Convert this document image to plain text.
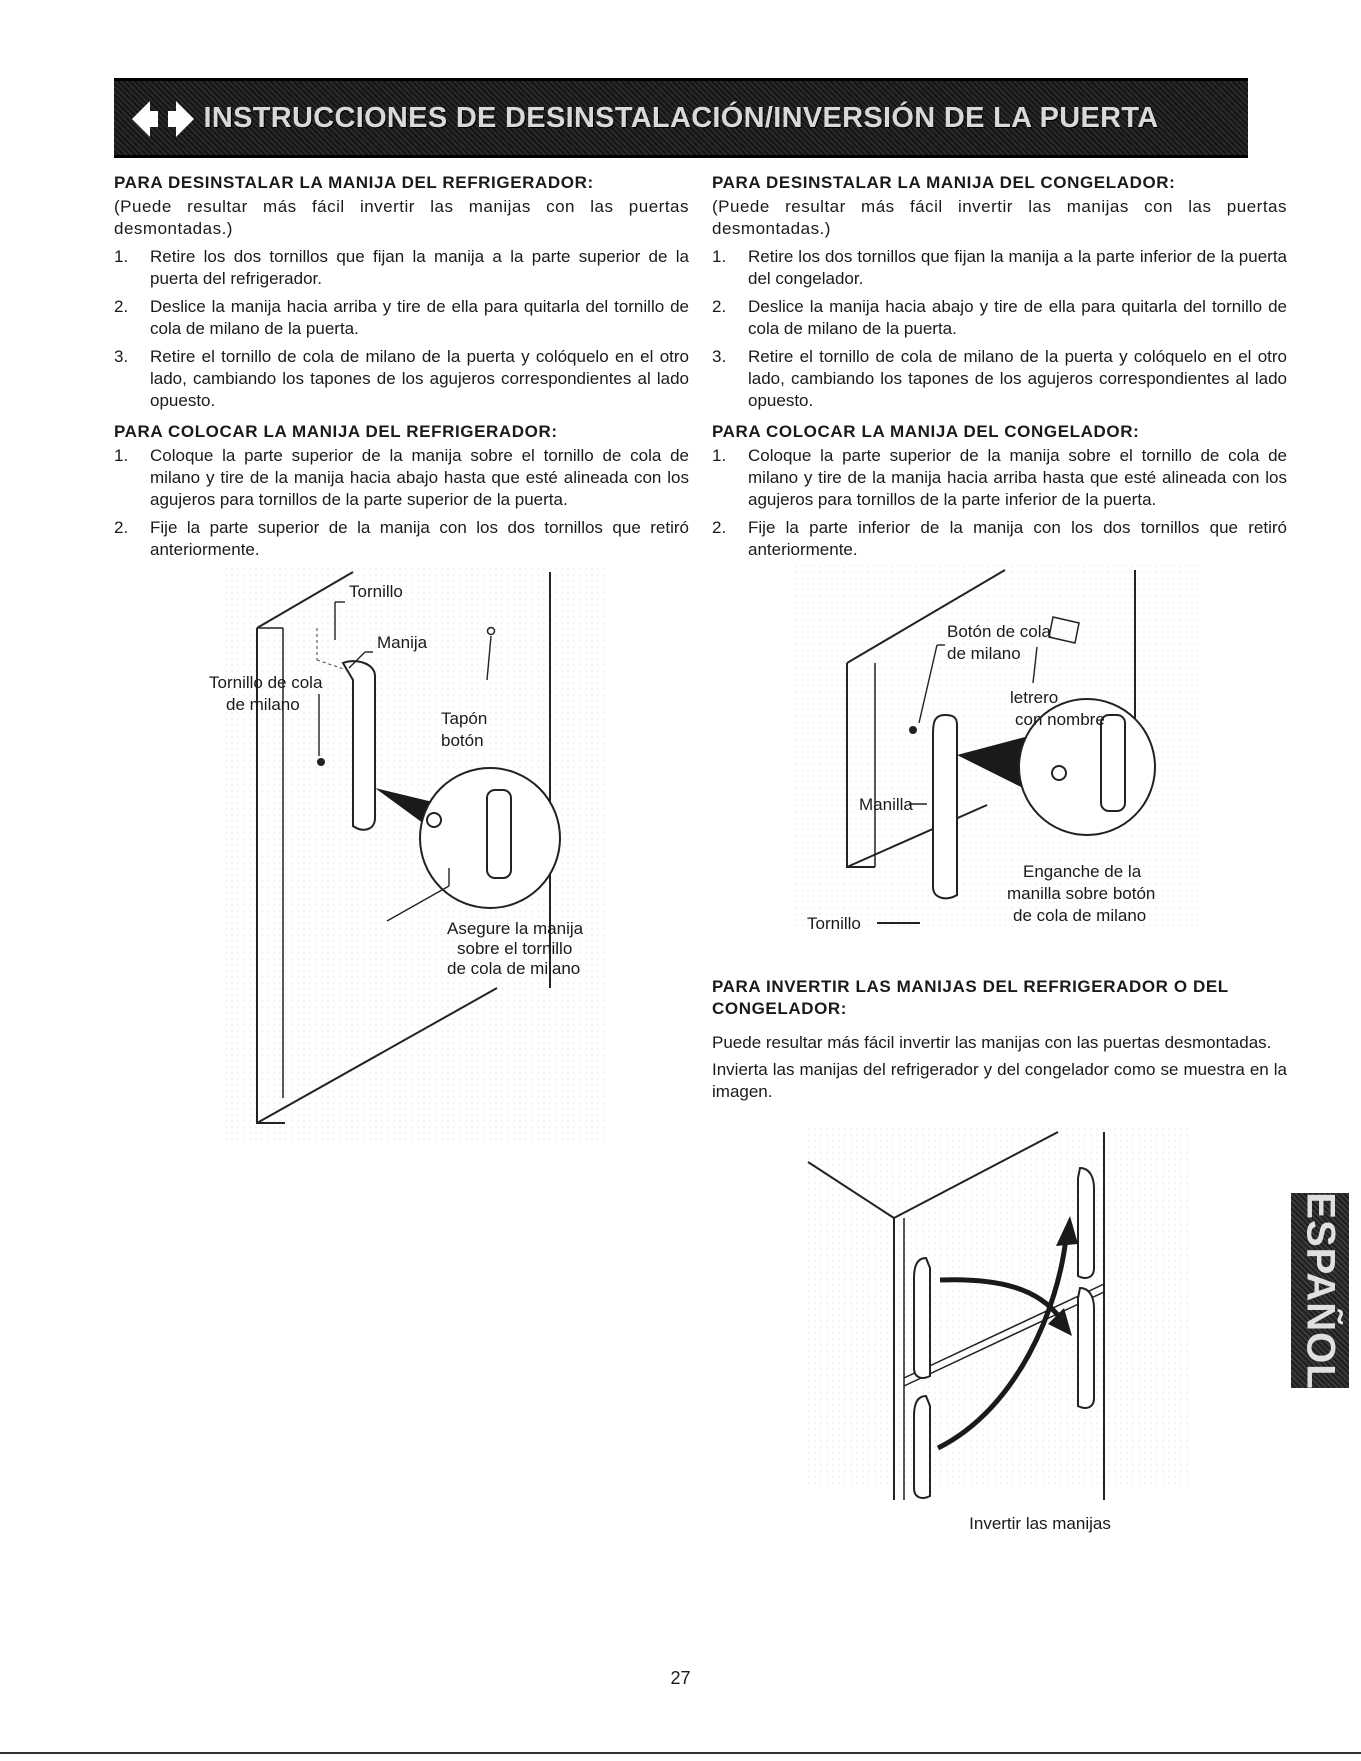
INSTRUCCIONES DE DESINSTALACIÓN/INVERSIÓN DE LA PUERTA
PARA DESINSTALAR LA MANIJA DEL REFRIGERADOR:
(Puede resultar más fácil invertir las manijas con las puertas desmontadas.)
1.	Retire los dos tornillos que fijan la manija a la parte superior de la puerta del refrigerador.
2.	Deslice la manija hacia arriba y tire de ella para quitarla del tornillo de cola de milano de la puerta.
3.	Retire el tornillo de cola de milano de la puerta y colóquelo en el otro lado, cambiando los tapones de los agujeros correspondientes al lado opuesto.
PARA COLOCAR LA MANIJA DEL REFRIGERADOR:
1.	Coloque la parte superior de la manija sobre el tornillo de cola de milano y tire de la manija hacia abajo hasta que esté alineada con los agujeros para tornillos de la parte superior de la puerta.
2.	Fije la parte superior de la manija con los dos tornillos que retiró anteriormente.
PARA DESINSTALAR LA MANIJA DEL CONGELADOR:
(Puede resultar más fácil invertir las manijas con las puertas desmontadas.)
1.	Retire los dos tornillos que fijan la manija a la parte inferior de la puerta del congelador.
2.	Deslice la manija hacia abajo y tire de ella para quitarla del tornillo de cola de milano de la puerta.
3.	Retire el tornillo de cola de milano de la puerta y colóquelo en el otro lado, cambiando los tapones de los agujeros correspondientes al lado opuesto.
PARA COLOCAR LA MANIJA DEL CONGELADOR:
1.	Coloque la parte superior de la manija sobre el tornillo de cola de milano y tire de la manija hacia arriba hasta que esté alineada con los agujeros para tornillos de la parte inferior de la puerta.
2.	Fije la parte inferior de la manija con los dos tornillos que retiró anteriormente.
Tornillo
Manija
Tornillo de cola
de milano
Tapón
botón
Asegure la manija
sobre el tornillo
de cola de milano
Botón de cola
de milano
letrero
con nombre
Manilla
Enganche de la
manilla sobre botón
de cola de milano
Tornillo
PARA INVERTIR LAS MANIJAS DEL REFRIGERADOR O DEL CONGELADOR:
Puede resultar más fácil invertir las manijas con las puertas desmontadas.
Invierta las manijas del refrigerador y del congelador como se muestra en la imagen.
Invertir las manijas
ESPAÑOL
27
